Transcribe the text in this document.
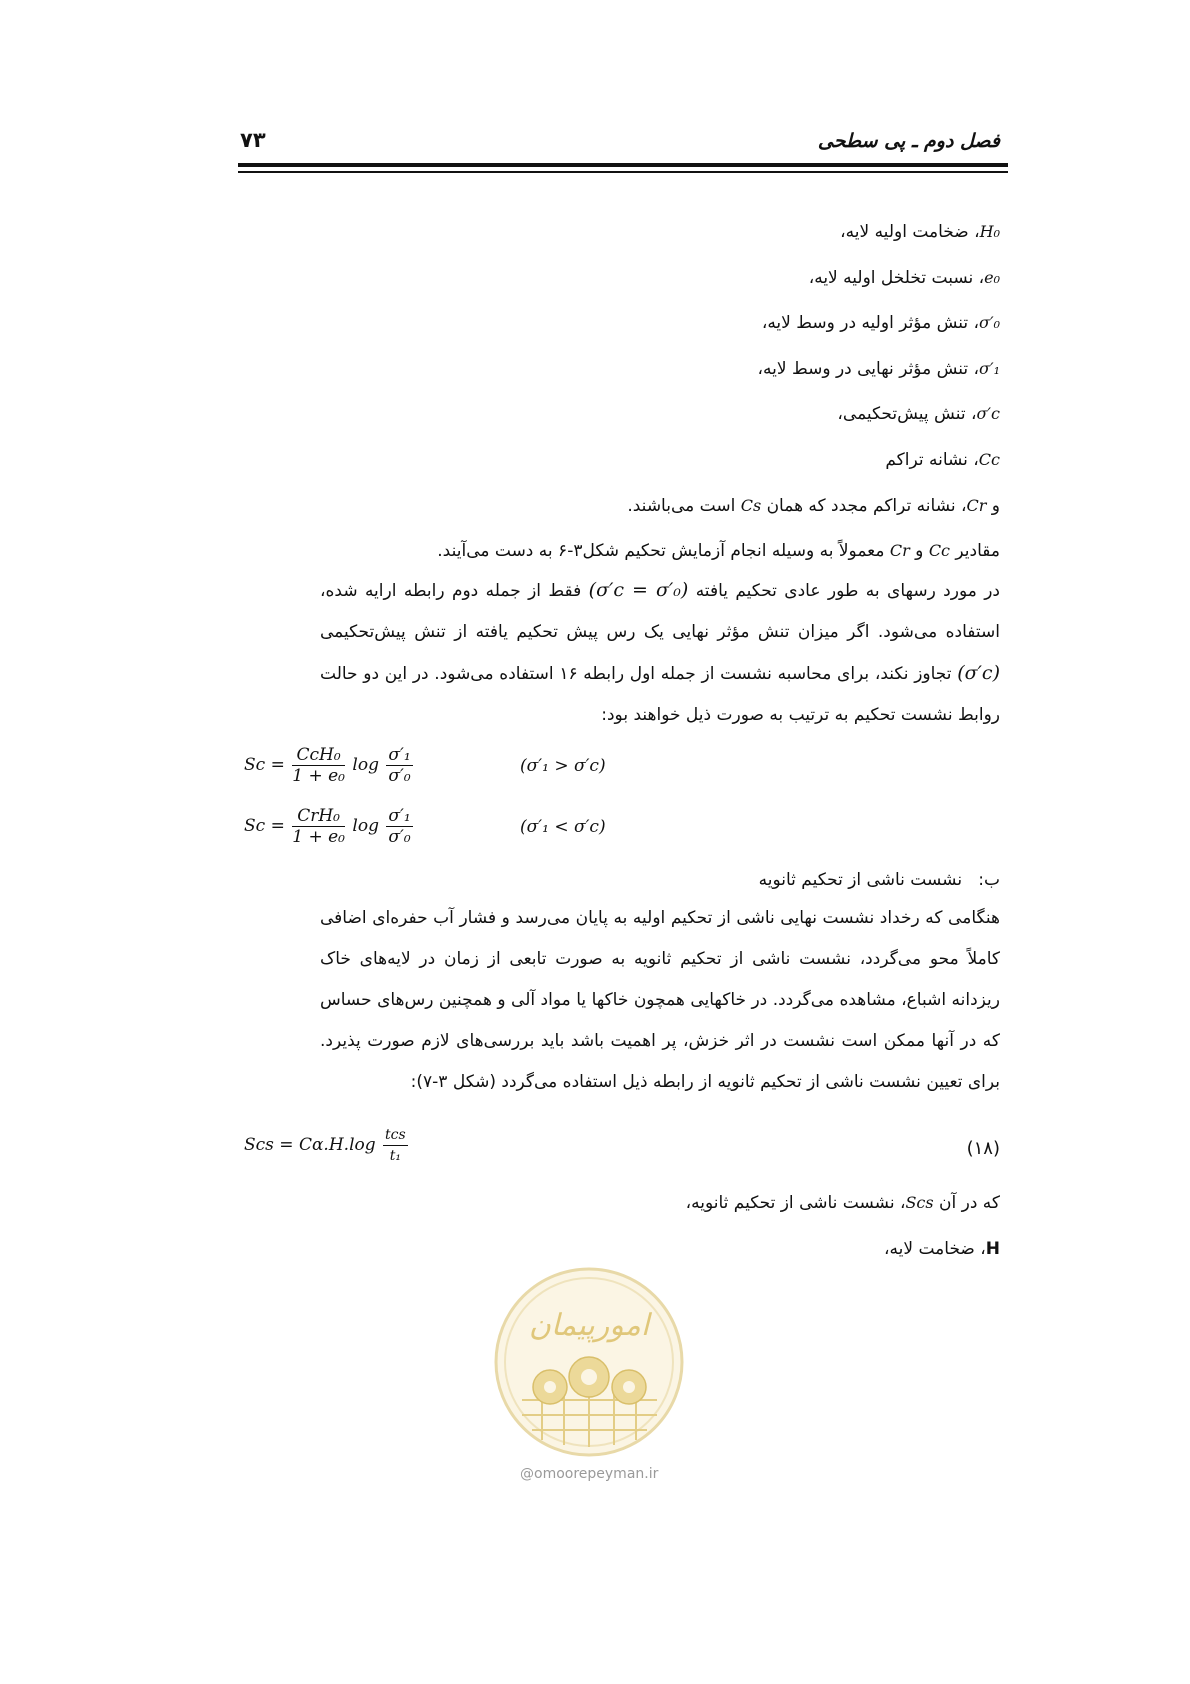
فصل دوم ـ پی سطحی
۷۳
H₀، ضخامت اولیه لایه،
e₀، نسبت تخلخل اولیه لایه،
σ′₀، تنش مؤثر اولیه در وسط لایه،
σ′₁، تنش مؤثر نهایی در وسط لایه،
σ′c، تنش پیش‌تحکیمی،
Cc، نشانه تراکم
و Cr، نشانه تراکم مجدد که همان Cs است می‌باشند.
مقادیر Cc و Cr معمولاً به وسیله انجام آزمایش تحکیم شکل۳-۶ به دست می‌آیند.
در مورد رسهای به طور عادی تحکیم یافته (σ′c = σ′₀) فقط از جمله دوم رابطه ارایه شده، استفاده می‌شود. اگر میزان تنش مؤثر نهایی یک رس پیش تحکیم یافته از تنش پیش‌تحکیمی (σ′c) تجاوز نکند، برای محاسبه نشست از جمله اول رابطه ۱۶ استفاده می‌شود. در این دو حالت روابط نشست تحکیم به ترتیب به صورت ذیل خواهند بود:
$Sc = \frac{\text{CcH₀}}{\text{1 + e₀}}$ $\log \frac{\text{σ′₁}}{\text{σ′₀}}$	(σ′₁ > σ′c)
$Sc = \frac{\text{CrH₀}}{\text{1 + e₀}}$ $\log \frac{\text{σ′₁}}{\text{σ′₀}}$	(σ′₁ < σ′c)
ب:   نشست ناشی از تحکیم ثانویه
هنگامی که رخداد نشست نهایی ناشی از تحکیم اولیه به پایان می‌رسد و فشار آب حفره‌ای اضافی کاملاً محو می‌گردد، نشست ناشی از تحکیم ثانویه به صورت تابعی از زمان در لایه‌های خاک ریزدانه اشباع، مشاهده می‌گردد. در خاکهایی همچون خاکها یا مواد آلی و همچنین رس‌های حساس که در آنها ممکن است نشست در اثر خزش، پر اهمیت باشد باید بررسی‌های لازم صورت پذیرد. برای تعیین نشست ناشی از تحکیم ثانویه از رابطه ذیل استفاده می‌گردد (شکل ۳-۷):
Scs = $C\alpha.H.\log \frac{\text{tcs}}{\text{t₁}}$	(۱۸)
که در آن Scs، نشست ناشی از تحکیم ثانویه،
H، ضخامت لایه،
امورپیمان
@omoorepeyman.ir
